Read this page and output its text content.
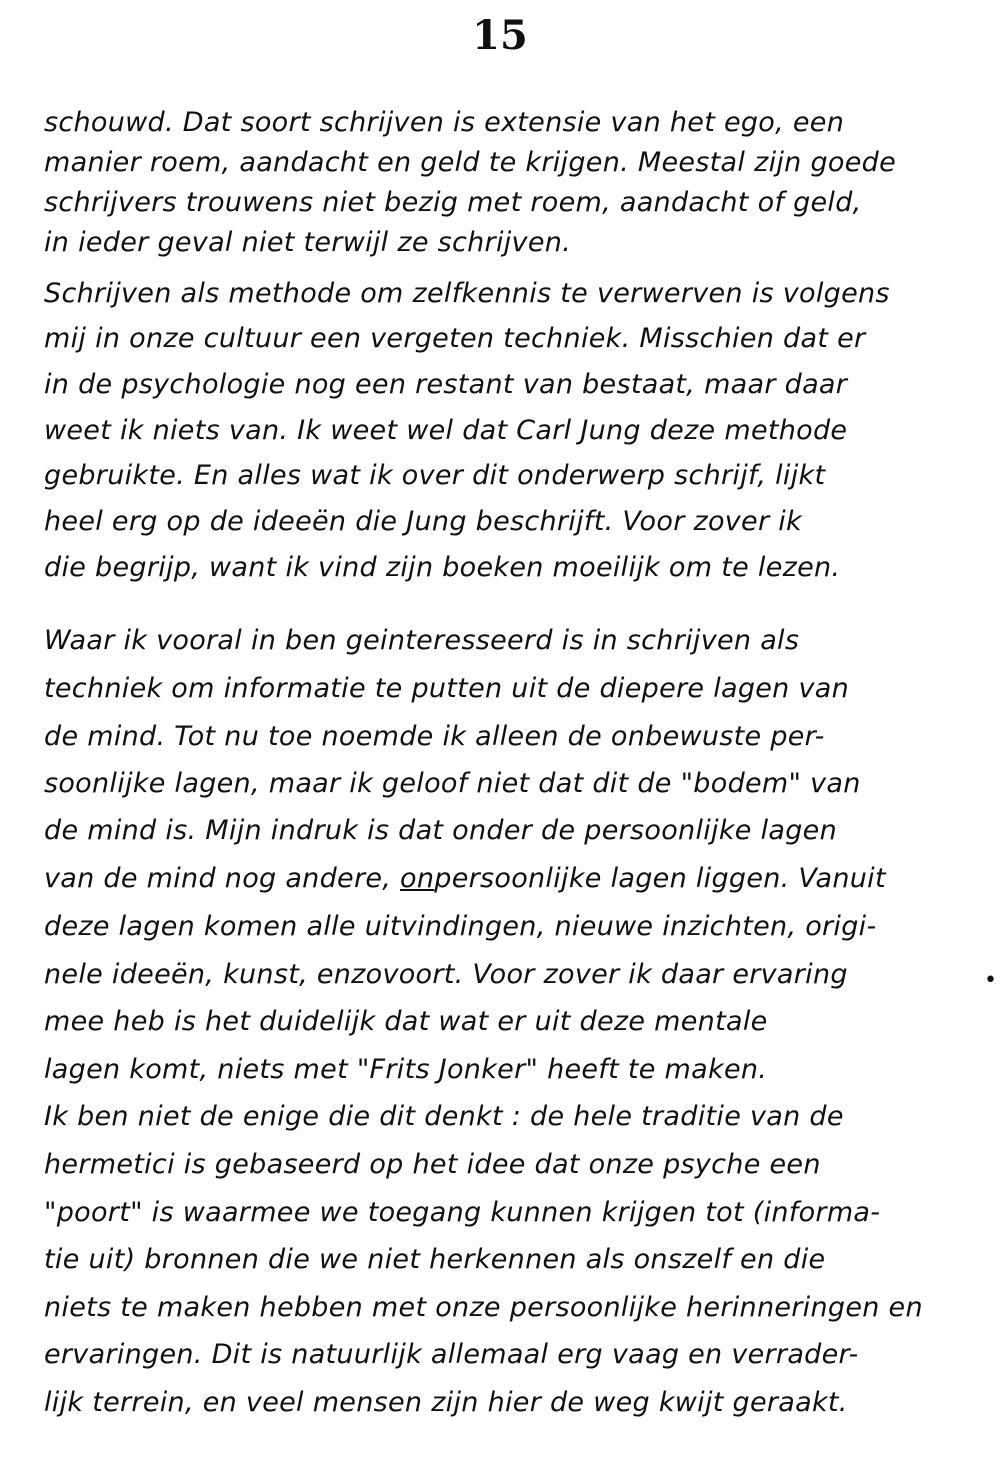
15
schouwd. Dat soort schrijven is extensie van het ego, een
manier roem, aandacht en geld te krijgen. Meestal zijn goede
schrijvers trouwens niet bezig met roem, aandacht of geld,
in ieder geval niet terwijl ze schrijven.
Schrijven als methode om zelfkennis te verwerven is volgens
mij in onze cultuur een vergeten techniek. Misschien dat er
in de psychologie nog een restant van bestaat, maar daar
weet ik niets van. Ik weet wel dat Carl Jung deze methode
gebruikte. En alles wat ik over dit onderwerp schrijf, lijkt
heel erg op de ideeën die Jung beschrijft. Voor zover ik
die begrijp, want ik vind zijn boeken moeilijk om te lezen.
Waar ik vooral in ben geinteresseerd is in schrijven als
techniek om informatie te putten uit de diepere lagen van
de mind. Tot nu toe noemde ik alleen de onbewuste per-
soonlijke lagen, maar ik geloof niet dat dit de "bodem" van
de mind is. Mijn indruk is dat onder de persoonlijke lagen
van de mind nog andere, onpersoonlijke lagen liggen. Vanuit
deze lagen komen alle uitvindingen, nieuwe inzichten, origi-
nele ideeën, kunst, enzovoort. Voor zover ik daar ervaring
mee heb is het duidelijk dat wat er uit deze mentale
lagen komt, niets met "Frits Jonker" heeft te maken.
Ik ben niet de enige die dit denkt : de hele traditie van de
hermetici is gebaseerd op het idee dat onze psyche een
"poort" is waarmee we toegang kunnen krijgen tot (informa-
tie uit) bronnen die we niet herkennen als onszelf en die
niets te maken hebben met onze persoonlijke herinneringen en
ervaringen. Dit is natuurlijk allemaal erg vaag en verrader-
lijk terrein, en veel mensen zijn hier de weg kwijt geraakt.
•
